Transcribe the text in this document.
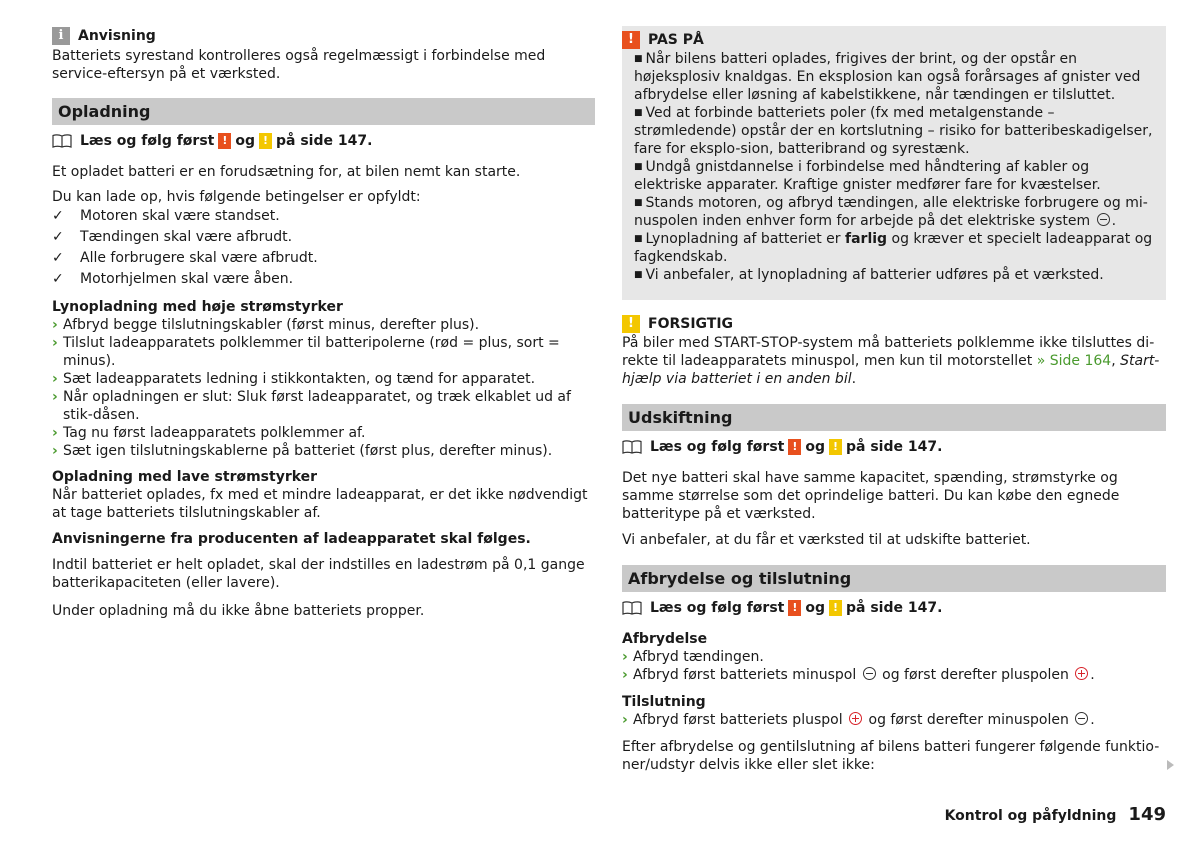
i	Anvisning

Batteriets syrestand kontrolleres også regelmæssigt i forbindelse med service-eftersyn på et værksted.

Opladning
Læs og følg først ! og ! på side 147.

Et opladet batteri er en forudsætning for, at bilen nemt kan starte.

Du kan lade op, hvis følgende betingelser er opfyldt:

✓	Motoren skal være standset.
✓	Tændingen skal være afbrudt.
✓	Alle forbrugere skal være afbrudt.
✓	Motorhjelmen skal være åben.

Lynopladning med høje strømstyrker

› Afbryd begge tilslutningskabler (først minus, derefter plus).
› Tilslut ladeapparatets polklemmer til batteripolerne (rød = plus, sort = minus).
› Sæt ladeapparatets ledning i stikkontakten, og tænd for apparatet.
› Når opladningen er slut: Sluk først ladeapparatet, og træk elkablet ud af stik-dåsen.
› Tag nu først ladeapparatets polklemmer af.
› Sæt igen tilslutningskablerne på batteriet (først plus, derefter minus).

Opladning med lave strømstyrker

Når batteriet oplades, fx med et mindre ladeapparat, er det ikke nødvendigt at tage batteriets tilslutningskabler af.

Anvisningerne fra producenten af ladeapparatet skal følges.

Indtil batteriet er helt opladet, skal der indstilles en ladestrøm på 0,1 gange batterikapaciteten (eller lavere).

Under opladning må du ikke åbne batteriets propper.

!	PAS PÅ

■ Når bilens batteri oplades, frigives der brint, og der opstår en højeksplosiv knaldgas. En eksplosion kan også forårsages af gnister ved afbrydelse eller løsning af kabelstikkene, når tændingen er tilsluttet.

■ Ved at forbinde batteriets poler (fx med metalgenstande – strømledende) opstår der en kortslutning – risiko for batteribeskadigelser, fare for eksplo-sion, batteribrand og syrestænk.

■ Undgå gnistdannelse i forbindelse med håndtering af kabler og elektriske apparater. Kraftige gnister medfører fare for kvæstelser.

■ Stands motoren, og afbryd tændingen, alle elektriske forbrugere og mi-nuspolen inden enhver form for arbejde på det elektriske system .

■ Lynopladning af batteriet er farlig og kræver et specielt ladeapparat og fagkendskab.

■ Vi anbefaler, at lynopladning af batterier udføres på et værksted.

!	FORSIGTIG

På biler med START-STOP-system må batteriets polklemme ikke tilsluttes di-rekte til ladeapparatets minuspol, men kun til motorstellet » Side 164, Start-hjælp via batteriet i en anden bil.

Udskiftning
Læs og følg først ! og ! på side 147.

Det nye batteri skal have samme kapacitet, spænding, strømstyrke og samme størrelse som det oprindelige batteri. Du kan købe den egnede batteritype på et værksted.

Vi anbefaler, at du får et værksted til at udskifte batteriet.

Afbrydelse og tilslutning
Læs og følg først ! og ! på side 147.

Afbrydelse

› Afbryd tændingen.
› Afbryd først batteriets minuspol og først derefter pluspolen .

Tilslutning

› Afbryd først batteriets pluspol og først derefter minuspolen .

Efter afbrydelse og gentilslutning af bilens batteri fungerer følgende funktio-ner/udstyr delvis ikke eller slet ikke:

Kontrol og påfyldning 149
